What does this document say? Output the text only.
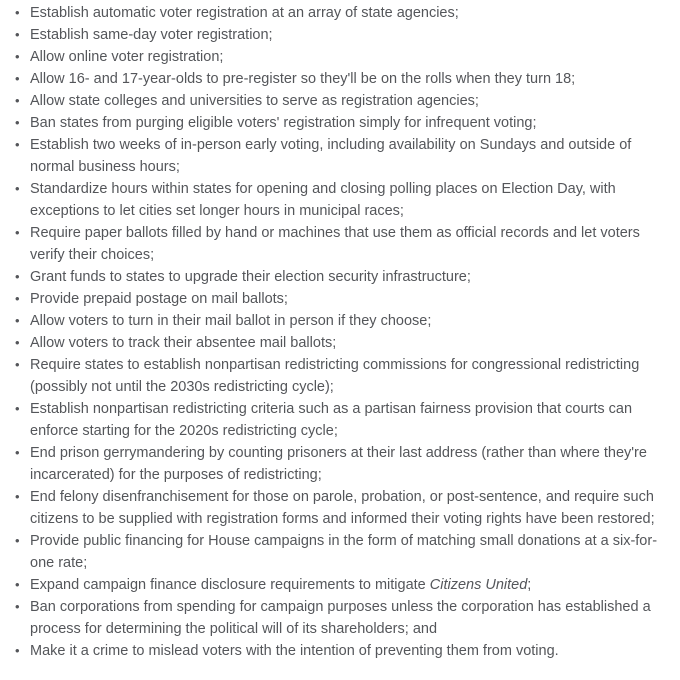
• Establish automatic voter registration at an array of state agencies;
• Establish same-day voter registration;
• Allow online voter registration;
• Allow 16- and 17-year-olds to pre-register so they'll be on the rolls when they turn 18;
• Allow state colleges and universities to serve as registration agencies;
• Ban states from purging eligible voters' registration simply for infrequent voting;
• Establish two weeks of in-person early voting, including availability on Sundays and outside of normal business hours;
• Standardize hours within states for opening and closing polling places on Election Day, with exceptions to let cities set longer hours in municipal races;
• Require paper ballots filled by hand or machines that use them as official records and let voters verify their choices;
• Grant funds to states to upgrade their election security infrastructure;
• Provide prepaid postage on mail ballots;
• Allow voters to turn in their mail ballot in person if they choose;
• Allow voters to track their absentee mail ballots;
• Require states to establish nonpartisan redistricting commissions for congressional redistricting (possibly not until the 2030s redistricting cycle);
• Establish nonpartisan redistricting criteria such as a partisan fairness provision that courts can enforce starting for the 2020s redistricting cycle;
• End prison gerrymandering by counting prisoners at their last address (rather than where they're incarcerated) for the purposes of redistricting;
• End felony disenfranchisement for those on parole, probation, or post-sentence, and require such citizens to be supplied with registration forms and informed their voting rights have been restored;
• Provide public financing for House campaigns in the form of matching small donations at a six-for-one rate;
• Expand campaign finance disclosure requirements to mitigate Citizens United;
• Ban corporations from spending for campaign purposes unless the corporation has established a process for determining the political will of its shareholders; and
• Make it a crime to mislead voters with the intention of preventing them from voting.
